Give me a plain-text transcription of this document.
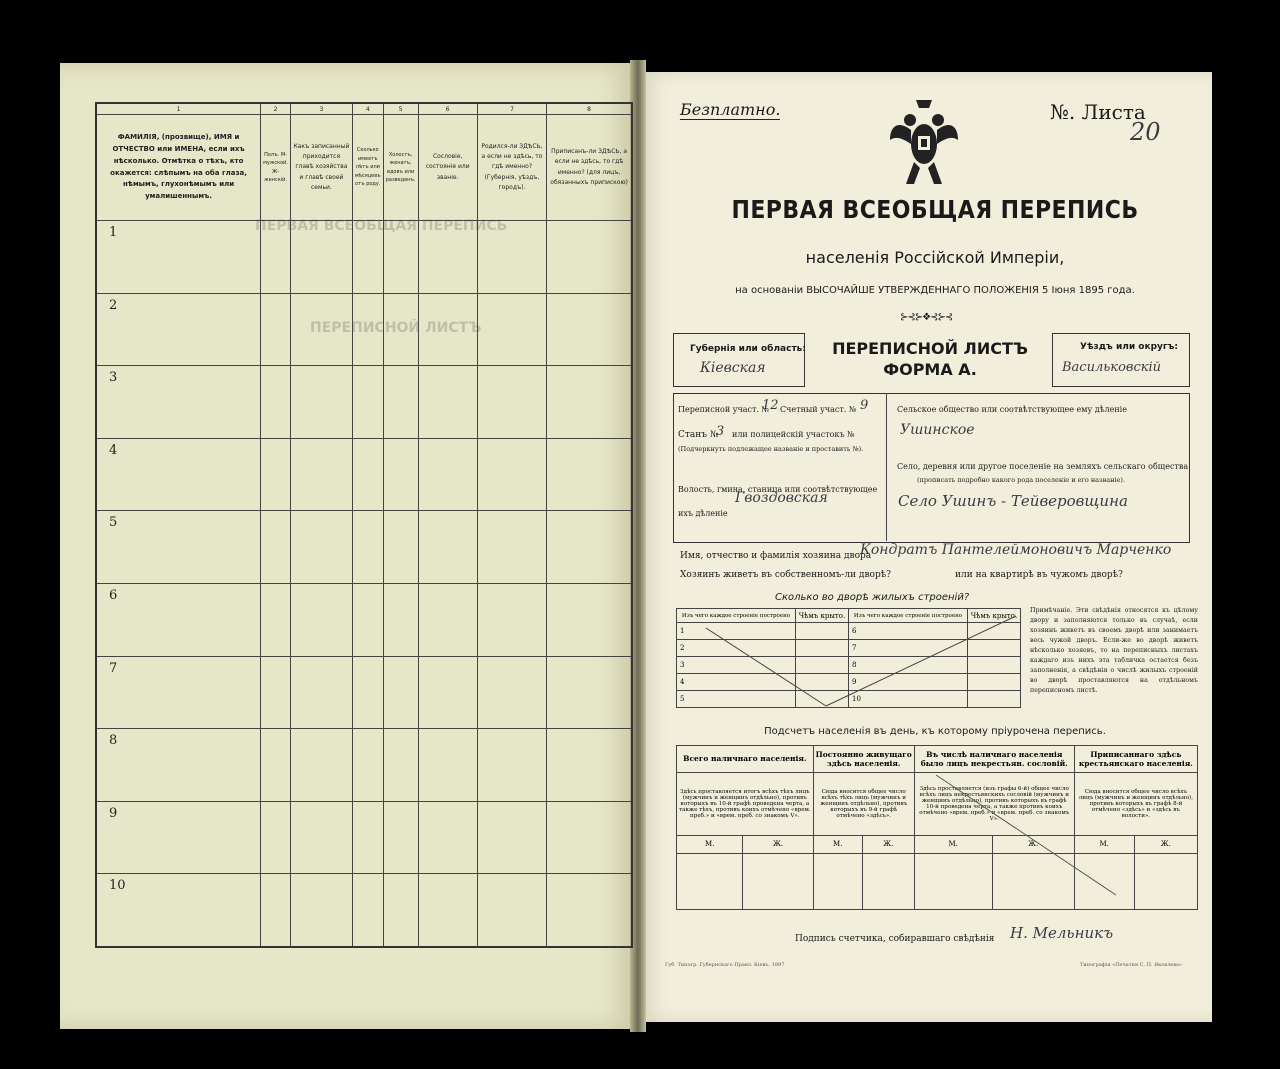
ПЕРВАЯ ВСЕОБЩАЯ ПЕРЕПИСЬ
ПЕРЕПИСНОЙ ЛИСТЪ
1	2	3	4	5	6	7	8
ФАМИЛІЯ, (прозвище), ИМЯ и ОТЧЕСТВО или ИМЕНА, если ихъ нѣсколько. Отмѣтка о тѣхъ, кто окажется: слѣпымъ на оба глаза, нѣмымъ, глухонѣмымъ или умалишеннымъ.	Полъ. М-мужской. Ж-женскій.	Какъ записанный приходится главѣ хозяйства и главѣ своей семьи.	Сколько имеетъ лѣтъ или мѣсяцевъ отъ роду.	Холостъ, женатъ, вдовъ или разведенъ.	Сословіе, состояніе или званіе.	Родился-ли ЗДѢСЬ, а если не здѣсь, то гдѣ именно? (Губернія, уѣздъ, городъ).	Приписанъ-ли ЗДѢСЬ, а если не здѣсь, то гдѣ именно? (для лицъ, обязанныхъ припискою)
1							
2							
3							
4							
5							
6							
7							
8							
9							
10							
Безплатно.	№. Листа
20
ПЕРВАЯ ВСЕОБЩАЯ ПЕРЕПИСЬ
населенія Россійской Имперіи,
на основаніи ВЫСОЧАЙШЕ УТВЕРЖДЕННАГО ПОЛОЖЕНІЯ 5 Іюня 1895 года.
⊱⊰⊱❖⊰⊱⊰
Губернія или область:
Кіевская
ПЕРЕПИСНОЙ ЛИСТЪ
ФОРМА А.
Уѣздъ или округъ:
Васильковскій
Переписной участ. №
12 Счетный участ. № 9
Станъ №
3 или полицейскій участокъ №
(Подчеркнуть подлежащее названіе и проставить №).
Волость, гмина, станица или соотвѣтствующее ихъ дѣленіе
Гвоздовская
Сельское общество или соотвѣтствующее ему дѣленіе
Ушинское
Село, деревня или другое поселеніе на земляхъ сельскаго общества
(прописать подробно какого рода поселеніе и его названіе).
Село Ушинъ - Тейверовщина
Имя, отчество и фамилія хозяина двора
Кондратъ Пантелеймоновичъ Марченко
Хозяинъ живетъ въ собственномъ-ли дворѣ?	или на квартирѣ въ чужомъ дворѣ?
Сколько во дворѣ жилыхъ строеній?
Изъ чего каждое строеніе построено	Чѣмъ крыто.	Изъ чего каждое строеніе построено	Чѣмъ крыто.
1		6	
2		7	
3		8	
4		9	
5		10	
Примѣчаніе. Эти свѣдѣнія относятся къ цѣлому двору и заполняются только въ случаѣ, если хозяинъ живетъ въ своемъ дворѣ или занимаетъ весь чужой дворъ. Если-же во дворѣ живетъ нѣсколько хозяевъ, то на переписныхъ листахъ каждаго изъ нихъ эта табличка остается безъ заполненія, а свѣдѣнія о числѣ жилыхъ строеній во дворѣ проставляются на отдѣльномъ переписномъ листѣ.
Подсчетъ населенія въ день, къ которому пріурочена перепись.
Всего наличнаго населенія.		Постоянно живущаго здѣсь населенія.		Въ числѣ наличнаго населенія было лицъ некрестьян. сословій.		Приписаннаго здѣсь крестьянскаго населенія.	
Здѣсь проставляется итогъ всѣхъ тѣхъ лицъ (мужчинъ и женщинъ отдѣльно), противъ которыхъ въ 10-й графѣ проведена черта, а также тѣхъ, противъ коихъ отмѣчено «врем. преб.» и «врем. преб. со знакомъ V».		Сюда вносится общее число всѣхъ тѣхъ лицъ (мужчинъ и женщинъ отдѣльно), противъ которыхъ въ 9-й графѣ отмѣчено «здѣсь».		Здѣсь проставляется (изъ графы 6-й) общее число всѣхъ лицъ некрестьянскихъ сословій (мужчинъ и женщинъ отдѣльно), противъ которыхъ въ графѣ 10-й проведена черта, а также противъ коихъ отмѣчено «врем. преб.» и «врем. преб. со знакомъ V».		Сюда вносится общее число всѣхъ лицъ (мужчинъ и женщинъ отдѣльно), противъ которыхъ въ графѣ 8-й отмѣчено «здѣсь» и «здѣсь въ волости».	
М.	Ж.	М.	Ж.	М.	Ж.	М.	Ж.

Подпись счетчика, собиравшаго свѣдѣнія Н. Мельникъ
Губ. Типогр. Губернскаго Правл. Кіевъ, 1897	Типографія «Печатня С. П. Яковлева»
